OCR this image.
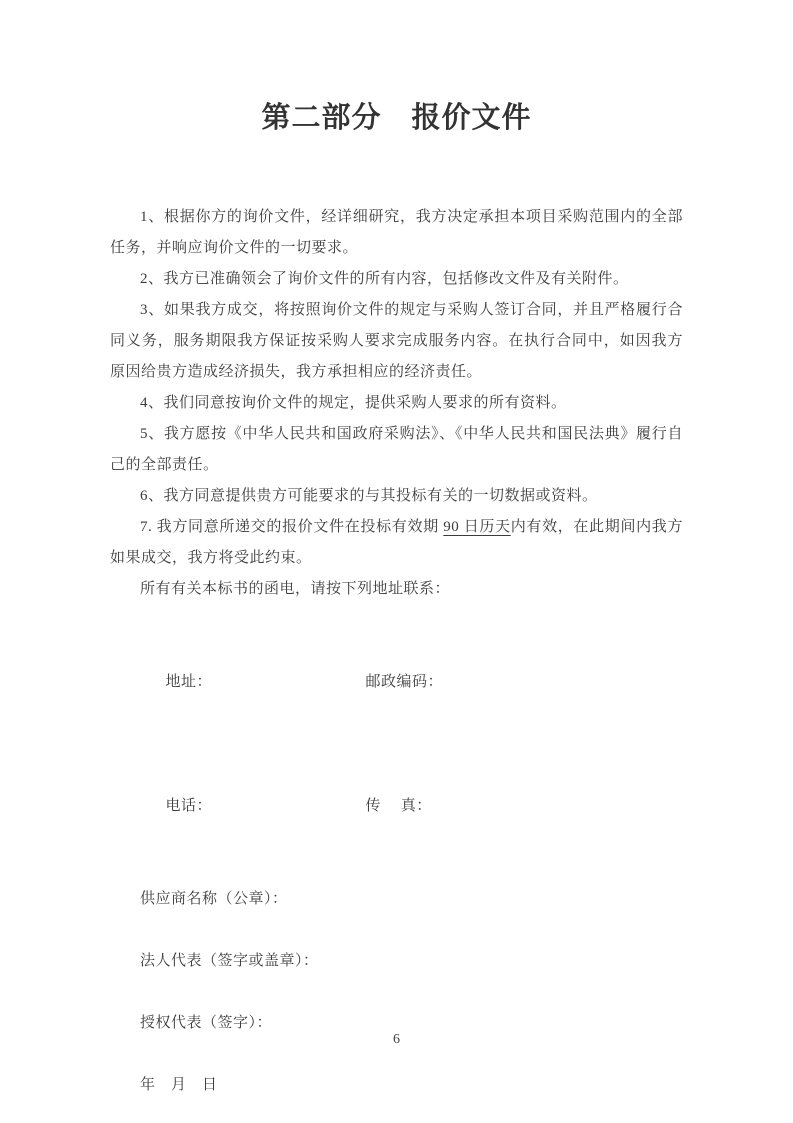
第二部分　报价文件

1、根据你方的询价文件，经详细研究，我方决定承担本项目采购范围内的全部任务，并响应询价文件的一切要求。

2、我方已准确领会了询价文件的所有内容，包括修改文件及有关附件。

3、如果我方成交，将按照询价文件的规定与采购人签订合同，并且严格履行合同义务，服务期限我方保证按采购人要求完成服务内容。在执行合同中，如因我方原因给贵方造成经济损失，我方承担相应的经济责任。

4、我们同意按询价文件的规定，提供采购人要求的所有资料。

5、我方愿按《中华人民共和国政府采购法》、《中华人民共和国民法典》履行自己的全部责任。

6、我方同意提供贵方可能要求的与其投标有关的一切数据或资料。

7. 我方同意所递交的报价文件在投标有效期 90 日历天内有效，在此期间内我方如果成交，我方将受此约束。

所有有关本标书的函电，请按下列地址联系：

地址：	邮政编码：

电话：	传　 真：

供应商名称（公章）：
法人代表（签字或盖章）：
授权代表（签字）：
年　月　日
6
